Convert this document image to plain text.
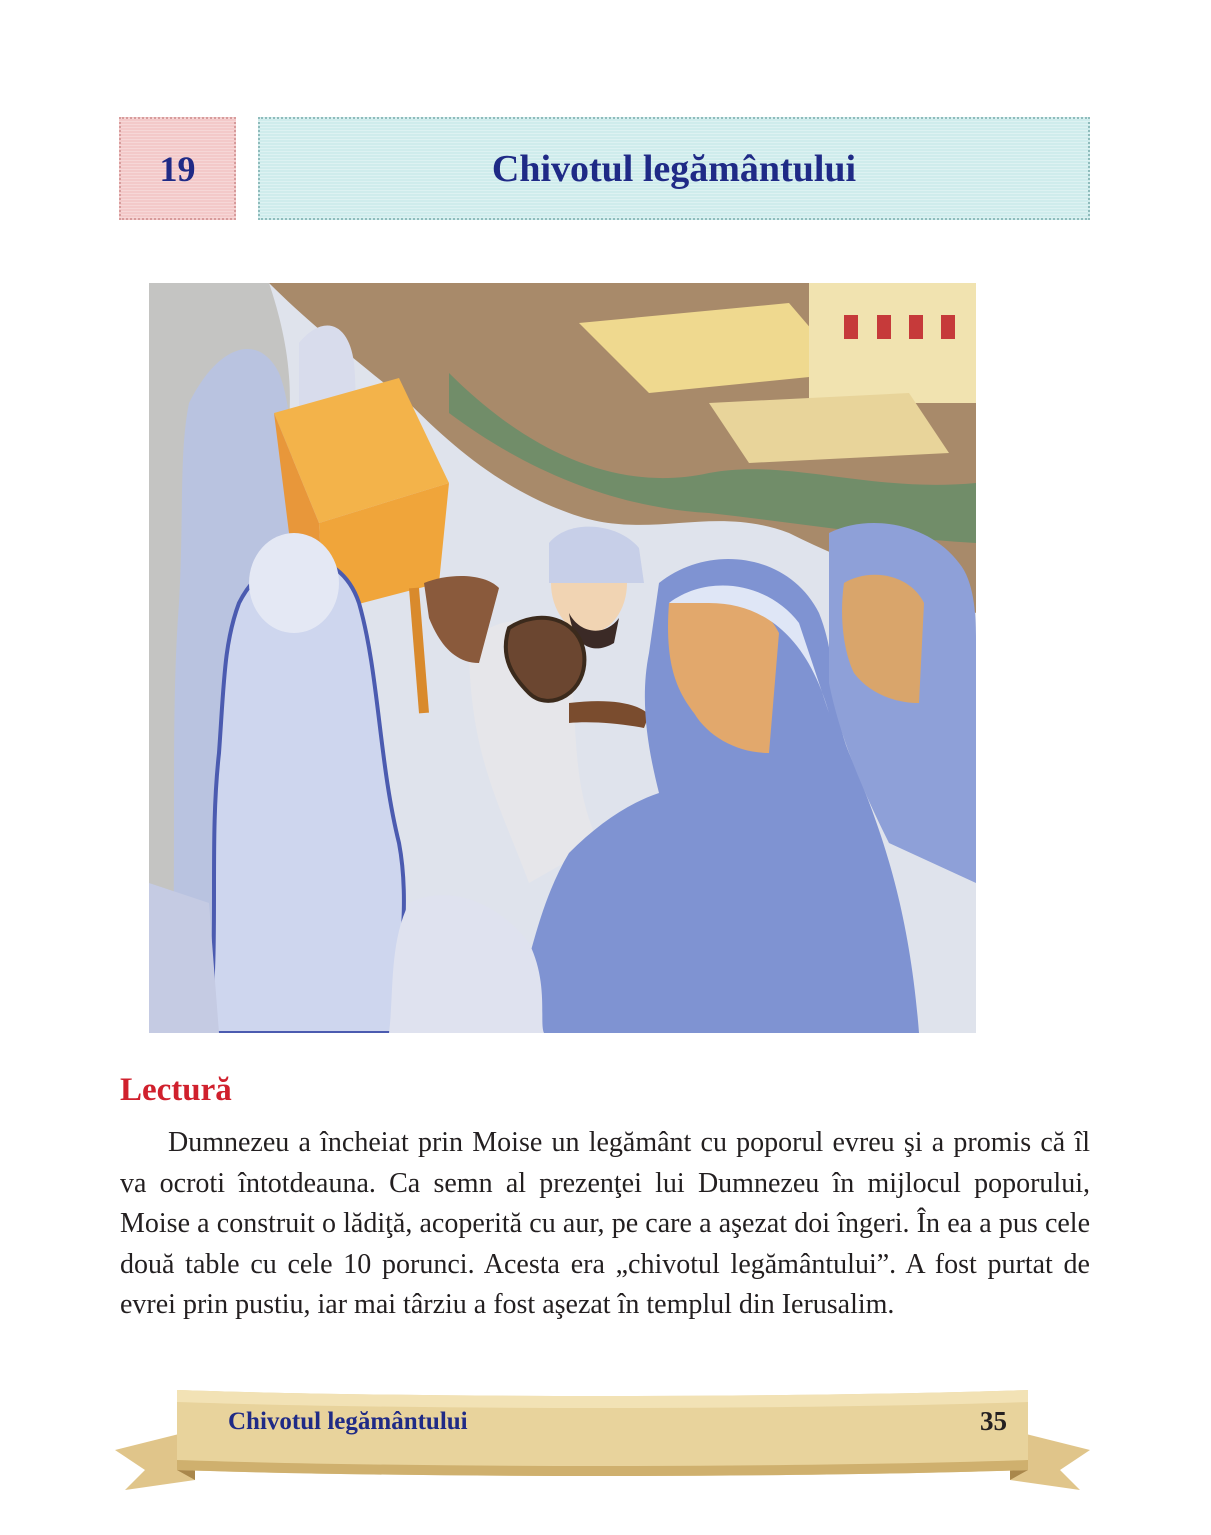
19	Chivotul legământului
Lectură

Dumnezeu a încheiat prin Moise un legământ cu poporul evreu şi a promis că îl va ocroti întotdeauna. Ca semn al prezenţei lui Dumnezeu în mijlocul poporului, Moise a construit o lădiţă, acoperită cu aur, pe care a aşezat doi îngeri. În ea a pus cele două table cu cele 10 porunci. Acesta era „chivotul legământului”. A fost purtat de evrei prin pustiu, iar mai târziu a fost aşezat în templul din Ierusalim.

Chivotul legământului	35
